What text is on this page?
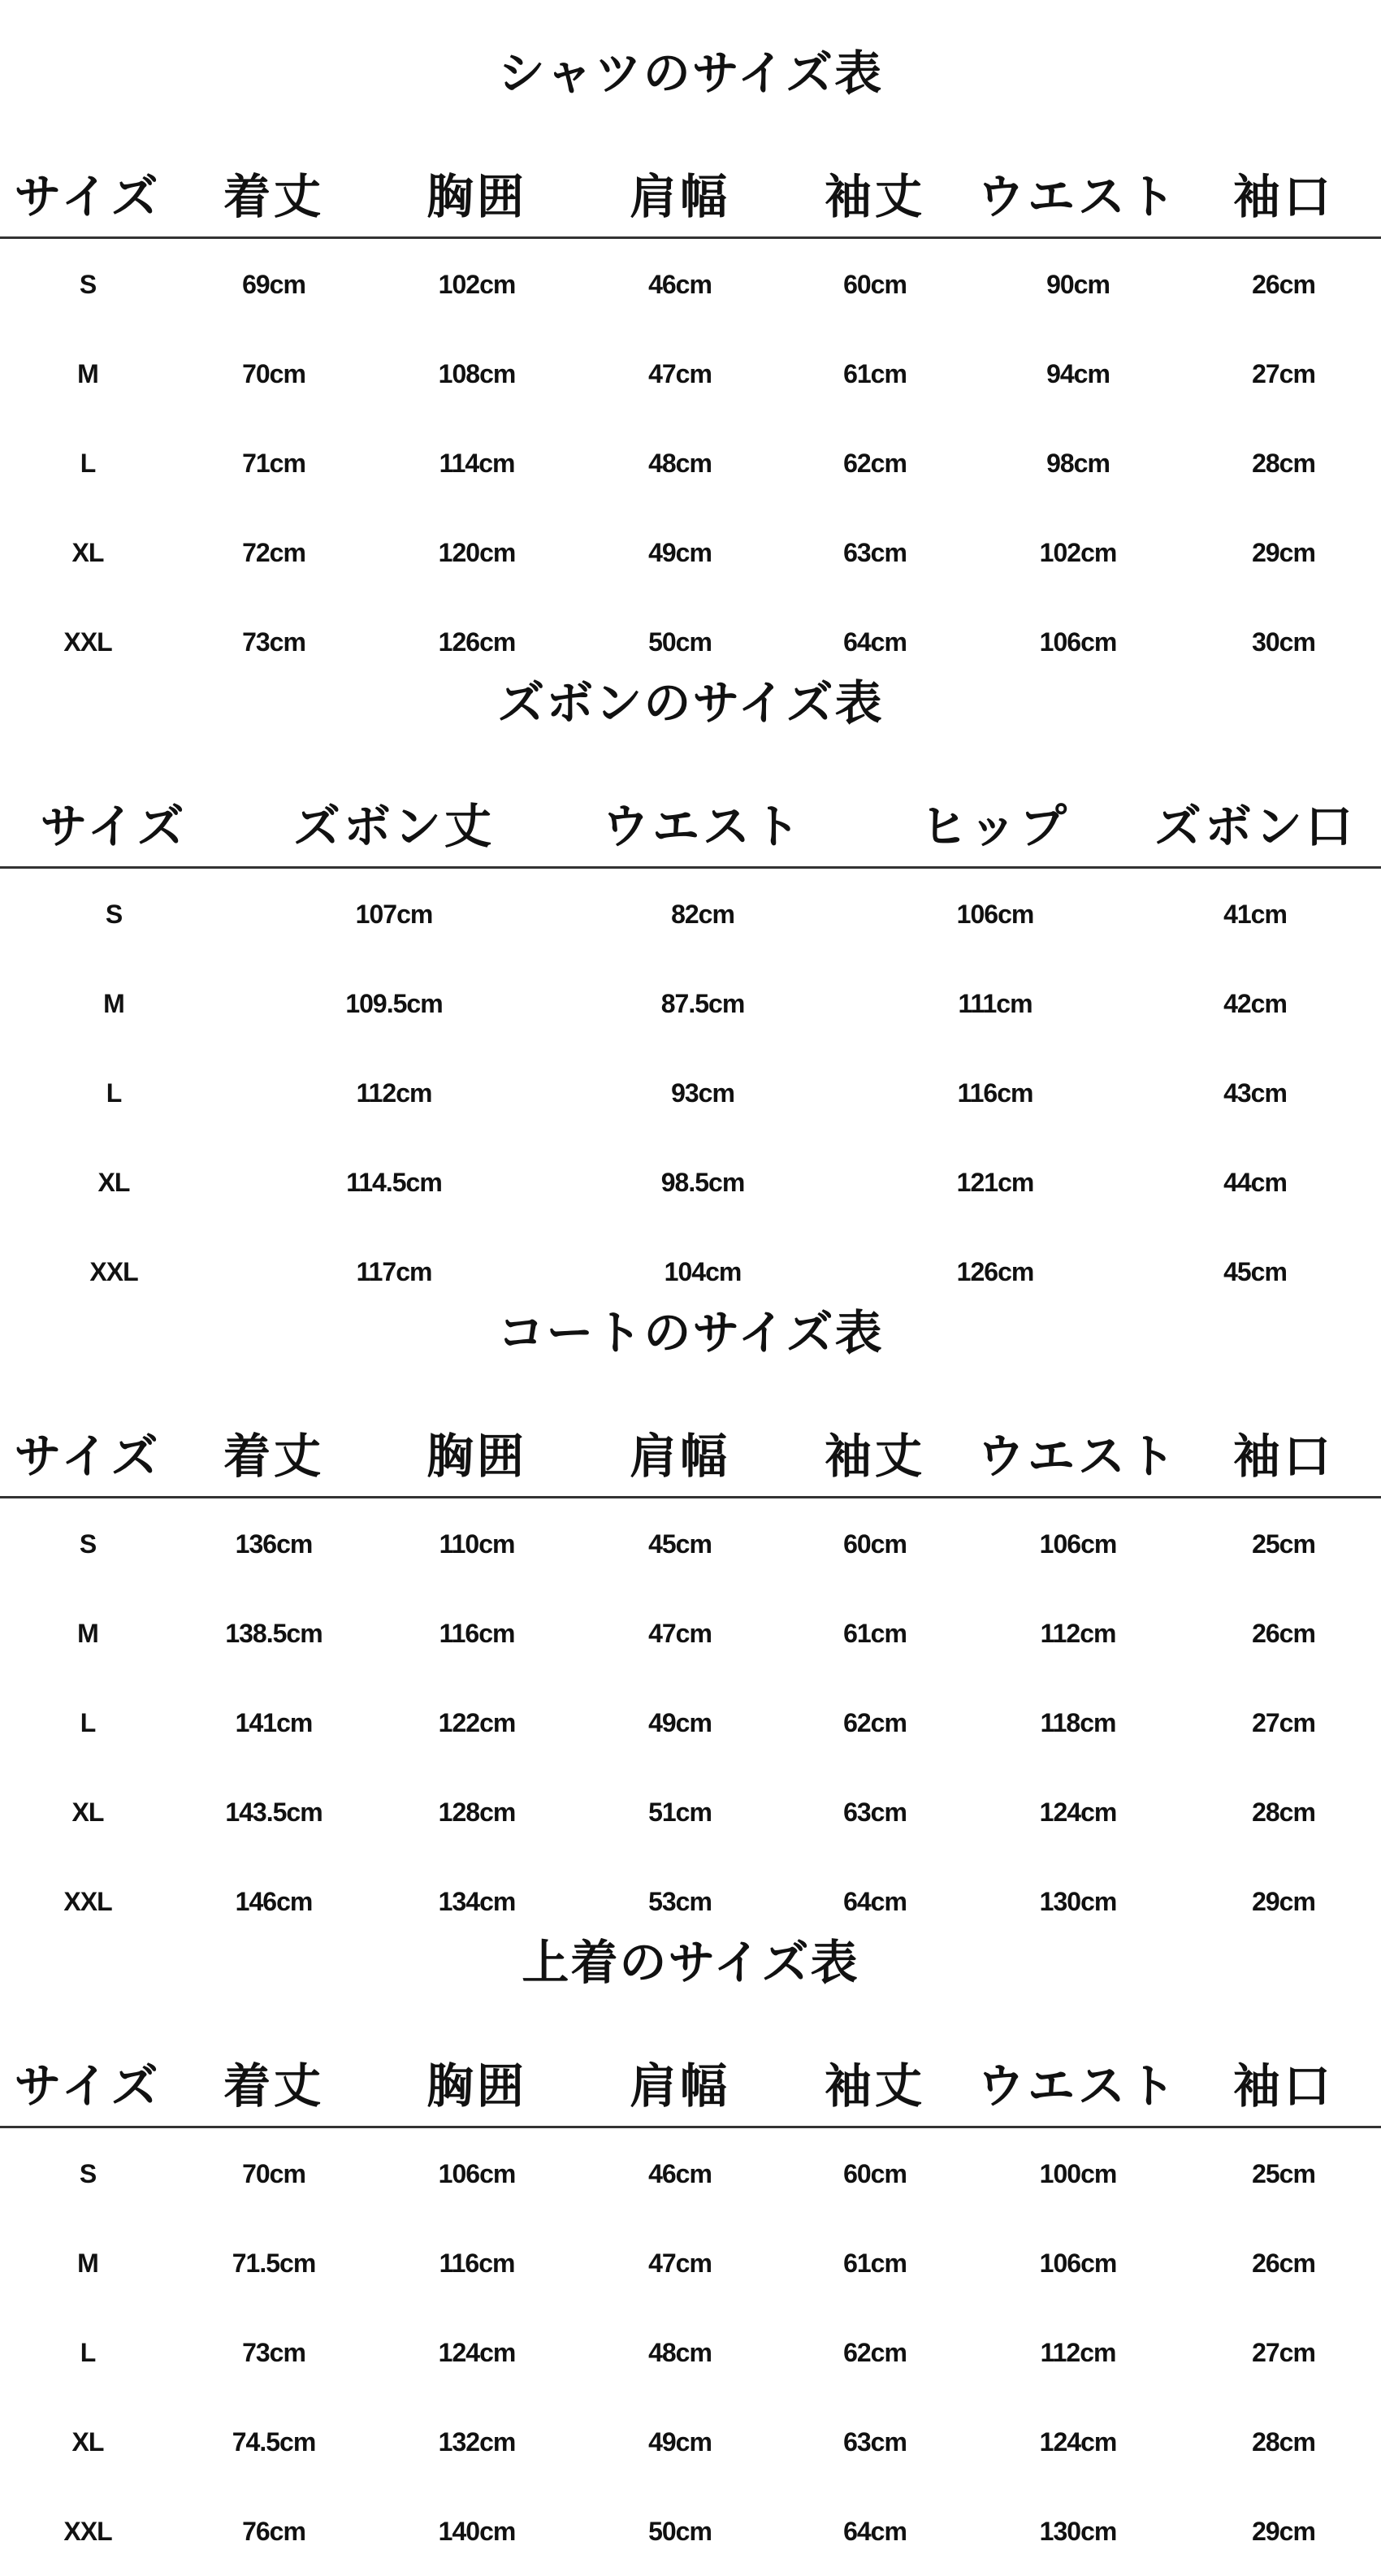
シャツのサイズ表
サイズ 着丈 胸囲 肩幅 袖丈 ウエスト 袖口
S	69cm	102cm	46cm	60cm	90cm	26cm
M	70cm	108cm	47cm	61cm	94cm	27cm
L	71cm	114cm	48cm	62cm	98cm	28cm
XL	72cm	120cm	49cm	63cm	102cm	29cm
XXL	73cm	126cm	50cm	64cm	106cm	30cm
ズボンのサイズ表
サイズ ズボン丈 ウエスト ヒップ ズボン口
S	107cm	82cm	106cm	41cm
M	109.5cm	87.5cm	111cm	42cm
L	112cm	93cm	116cm	43cm
XL	114.5cm	98.5cm	121cm	44cm
XXL	117cm	104cm	126cm	45cm
コートのサイズ表
サイズ 着丈 胸囲 肩幅 袖丈 ウエスト 袖口
S	136cm	110cm	45cm	60cm	106cm	25cm
M	138.5cm	116cm	47cm	61cm	112cm	26cm
L	141cm	122cm	49cm	62cm	118cm	27cm
XL	143.5cm	128cm	51cm	63cm	124cm	28cm
XXL	146cm	134cm	53cm	64cm	130cm	29cm
上着のサイズ表
サイズ 着丈 胸囲 肩幅 袖丈 ウエスト 袖口
S	70cm	106cm	46cm	60cm	100cm	25cm
M	71.5cm	116cm	47cm	61cm	106cm	26cm
L	73cm	124cm	48cm	62cm	112cm	27cm
XL	74.5cm	132cm	49cm	63cm	124cm	28cm
XXL	76cm	140cm	50cm	64cm	130cm	29cm
